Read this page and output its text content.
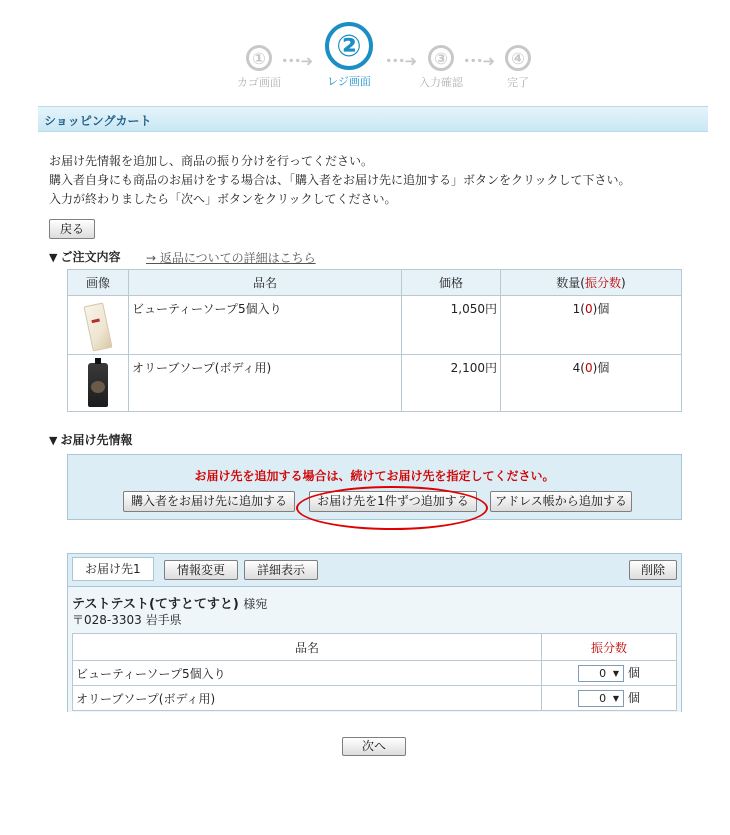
①
カゴ画面
･･･➜ ②
レジ画面
･･･➜	③
入力確認
･･･➜	④
完了
ショッピングカート
お届け先情報を追加し、商品の振り分けを行ってください。
購入者自身にも商品のお届けをする場合は、「購入者をお届け先に追加する」ボタンをクリックして下さい。
入力が終わりましたら「次へ」ボタンをクリックしてください。
戻る
▼ ご注文内容 → 返品についての詳細はこちら
画像	品名	価格	数量(振分数)

	ビューティーソープ5個入り	1,050円	1(0)個

	オリーブソープ(ボディ用)	2,100円	4(0)個
▼ お届け先情報
お届け先を追加する場合は、続けてお届け先を指定してください。
購入者をお届け先に追加する	お届け先を1件ずつ追加する	アドレス帳から追加する
お届け先1	情報変更	詳細表示	削除
テストテスト(てすとてすと) 様宛
〒028-3303 岩手県
品名	振分数
ビューティーソープ5個入り	0 ▼ 個
オリーブソープ(ボディ用)	0 ▼ 個
次へ
